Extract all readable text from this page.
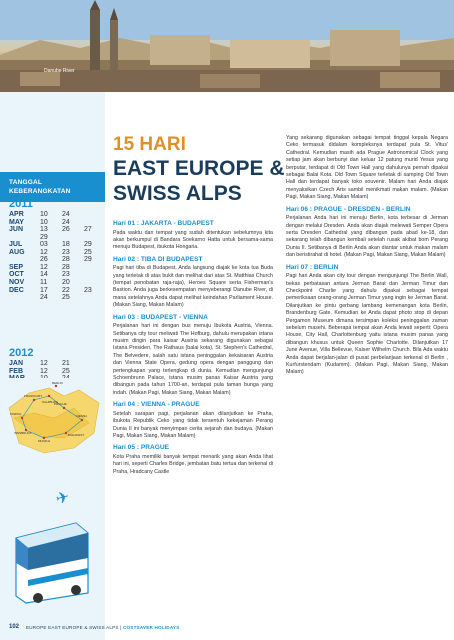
Danube River
TANGGAL
KEBERANGKATAN
2011
APR 10 24
MAY 10 24
JUN 13 26 27
29
JUL	03 18 29
AUG 12 23 25
26 28 29
SEP 12 28
OCT 14 23
NOV 11 20
DEC 17 22 23
24 25
2012
JAN 12 21
FEB 12 25
ZURICH
FRANKFURT
SALZBURG
PRAGUE
VIENNA
BUDAPEST
MUNICH
INNSBRUCK
BERLIN
✈
15 HARI
EAST EUROPE &
SWISS ALPS
Hari 01 : JAKARTA - BUDAPEST

Pada waktu dan tempat yang sudah ditentukan sebelumnya kita akan berkumpul di Bandara Soekarno Hatta untuk bersama-sama menuju Budapest, ibukota Hongaria.

Hari 02 : TIBA DI BUDAPEST

Pagi hari tiba di Budapest, Anda langsung diajak ke kota tua Buda yang terletak di atas bukit dan melihat dari atas St. Matthias Church (tempat penobatan raja-raja), Heroes Square serta Fisherman's Bastion. Anda juga berkesempatan menyeberangi Danube River, di mana setelahnya Anda dapat melihat keindahan Parliament House. (Makan Siang, Makan Malam)

Hari 03 : BUDAPEST - VIENNA

Perjalanan hari ini dengan bus menuju Ibukota Austria, Vienna. Setibanya city tour meliwati The Hofburg, dahulu merupakan istana musim dingin para kaisar Austria sekarang digunakan sebagai Istana Presiden, The Rathaus (balai kota), St. Stephen's Cathedral, The Belvedere, salah satu istana peninggalan kekaisaran Austria dan Vienna State Opera, gedung opera dengan panggung dan pertengkapan yang terlengkap di dunia. Kemudian mengunjungi Schoenbrunn Palace, istana musim panas Kaisar Austria yang dibangun pada tahun 1700-an, terdapat pula taman bunga yang indah. (Makan Pagi, Makan Siang, Makan Malam)

Hari 04 : VIENNA - PRAGUE

Setelah sarapan pagi, perjalanan akan dilanjutkan ke Praha, ibukota Republik Ceko yang tidak tersentuh kekejaman Perang Dunia II ini banyak menyimpan cerita sejarah dan budaya. (Makan Pagi, Makan Siang, Makan Malam)

Hari 05 : PRAGUE

Kota Praha memiliki banyak tempat menarik yang akan Anda lihat hari ini, seperti Charles Bridge, jembatan batu tertua dan terkenal di Praha, Hradcany Castle

Yang sekarang digunakan sebagai tempat tinggal kepala Negara Ceko termasuk didalam kompleksnya terdapat pula St. Vitus' Cathedral. Kemudian masih ada Prague Astronomical Clock yang setiap jam akan berbunyi dan keluar 12 patung murid Yesus yang berputar, terdapat di Old Town Hall yang dahulunya pernah dipakai sebagai Balai Kota. Old Town Square terletak di samping Old Town Hall dan terdapat banyak toko souvenir. Malam hari Anda diajak menyaksikan Czech Arts sambil menikmati makan malam. (Makan Pagi, Makan Siang, Makan Malam)

Hari 06 : PRAGUE - DRESDEN - BERLIN

Perjalanan Anda hari ini menuju Berlin, kota terbesar di Jerman dengan melalui Dresden. Anda akan diajak melewati Semper Opera serta Dresden Cathedral yang dibangun pada abad ke-18, dan sekarang telah dibangun kembali setelah rusak akibat bom Perang Dunia II. Setibanya di Berlin Anda akan diantar untuk makan malam dan beristirahat di hotel. (Makan Pagi, Makan Siang, Makan Malam)

Hari 07 : BERLIN

Pagi hari Anda akan city tour dengan mengunjungi The Berlin Wall, bekas perbatasan antara Jerman Barat dan Jerman Timur dan Checkpoint Charlie yang dahulu dipakai sebagai tempat pemeriksaan orang-orang Jerman Timur yang ingin ke Jerman Barat. Dilanjutkan ke pintu gerbang lambang kemenangan kota Berlin, Brandenburg Gate. Kemudian ke Anda dapat photo stop di depan Pergamon Museum dimana tersimpan koleksi peninggalan zaman sebelum masehi. Beberapa tempat akan Anda lewati seperti: Opera House, City Hall, Charlottenburg yaitu istana musim panas yang dibangun khusus untuk Queen Sophie Charlotte. Dilanjutkan 17 June Avenue, Villa Bellevue, Kaiser Wilhelm Church. Bila Ada waktu Anda dapat berjalan-jalan di pusat perbelanjaan terkenal di Berlin , Kurfurstendam (Kudamm). (Makan Pagi, Makan Siang, Makan Malam)

102 EUROPE EAST EUROPE & SWISS ALPS | COSTSAVER HOLIDAYS
